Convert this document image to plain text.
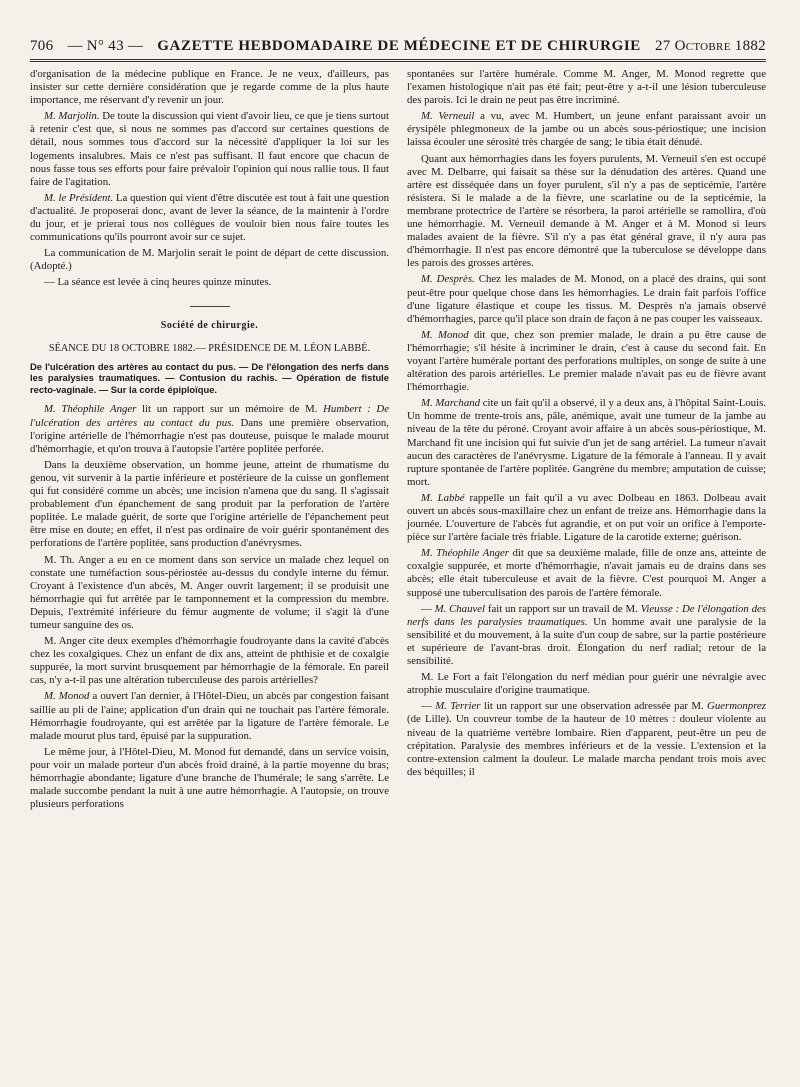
706 — N° 43 — GAZETTE HEBDOMADAIRE DE MÉDECINE ET DE CHIRURGIE 27 Octobre 1882

d'organisation de la médecine publique en France. Je ne veux, d'ailleurs, pas insister sur cette dernière considération que je regarde comme de la plus haute importance, me réservant d'y revenir un jour.

M. Marjolin. De toute la discussion qui vient d'avoir lieu, ce que je tiens surtout à retenir c'est que, si nous ne sommes pas d'accord sur certaines questions de détail, nous sommes tous d'accord sur la nécessité d'appliquer la loi sur les logements insalubres. Mais ce n'est pas suffisant. Il faut encore que chacun de nous fasse tous ses efforts pour faire prévaloir l'opinion qui nous rallie tous. Il faut faire de l'agitation.

M. le Président. La question qui vient d'être discutée est tout à fait une question d'actualité. Je proposerai donc, avant de lever la séance, de la maintenir à l'ordre du jour, et je prierai tous nos collègues de vouloir bien nous faire toutes les communications qu'ils pourront avoir sur ce sujet.

La communication de M. Marjolin serait le point de départ de cette discussion. (Adopté.)

— La séance est levée à cinq heures quinze minutes.

Société de chirurgie.
SÉANCE DU 18 OCTOBRE 1882.— PRÉSIDENCE DE M. LÉON LABBÉ.
De l'ulcération des artères au contact du pus. — De l'élongation des nerfs dans les paralysies traumatiques. — Contusion du rachis. — Opération de fistule recto-vaginale. — Sur la corde épiploïque.

M. Théophile Anger lit un rapport sur un mémoire de M. Humbert : De l'ulcération des artères au contact du pus. Dans une première observation, l'origine artérielle de l'hémorrhagie n'est pas douteuse, puisque le malade mourut d'hémorrhagie, et qu'on trouva à l'autopsie l'artère poplitée perforée.

Dans la deuxième observation, un homme jeune, atteint de rhumatisme du genou, vit survenir à la partie inférieure et postérieure de la cuisse un gonflement qui fut considéré comme un abcès; une incision n'amena que du sang. Il s'agissait probablement d'un épanchement de sang produit par la perforation de l'artère poplitée. Le malade guérit, de sorte que l'origine artérielle de l'épanchement peut être mise en doute; en effet, il n'est pas ordinaire de voir guérir spontanément des perforations de l'artère poplitée, sans production d'anévrysmes.

M. Th. Anger a eu en ce moment dans son service un malade chez lequel on constate une tuméfaction sous-périostée au-dessus du condyle interne du fémur. Croyant à l'existence d'un abcès, M. Anger ouvrit largement; il se produisit une hémorrhagie qui fut arrêtée par le tamponnement et la compression du membre. Depuis, l'extrémité inférieure du fémur augmente de volume; il s'agit là d'une tumeur sanguine des os.

M. Anger cite deux exemples d'hémorrhagie foudroyante dans la cavité d'abcès chez les coxalgiques. Chez un enfant de dix ans, atteint de phthisie et de coxalgie suppurée, la mort survint brusquement par hémorrhagie de la fémorale. En pareil cas, n'y a-t-il pas une altération tuberculeuse des parois artérielles?

M. Monod a ouvert l'an dernier, à l'Hôtel-Dieu, un abcès par congestion faisant saillie au pli de l'aine; application d'un drain qui ne touchait pas l'artère fémorale. Hémorrhagie foudroyante, qui est arrêtée par la ligature de l'artère fémorale. Le malade mourut plus tard, épuisé par la suppuration.

Le même jour, à l'Hôtel-Dieu, M. Monod fut demandé, dans un service voisin, pour voir un malade porteur d'un abcès froid drainé, à la partie moyenne du bras; hémorrhagie abondante; ligature d'une branche de l'humérale; le sang s'arrête. Le malade succombe pendant la nuit à une autre hémorrhagie. A l'autopsie, on trouve plusieurs perforations

spontanées sur l'artère humérale. Comme M. Anger, M. Monod regrette que l'examen histologique n'ait pas été fait; peut-être y a-t-il une lésion tuberculeuse des parois. Ici le drain ne peut pas être incriminé.

M. Verneuil a vu, avec M. Humbert, un jeune enfant paraissant avoir un érysipèle phlegmoneux de la jambe ou un abcès sous-périostique; une incision laissa écouler une sérosité très chargée de sang; le tibia était dénudé.

Quant aux hémorrhagies dans les foyers purulents, M. Verneuil s'en est occupé avec M. Delbarre, qui faisait sa thèse sur la dénudation des artères. Quand une artère est disséquée dans un foyer purulent, s'il n'y a pas de septicémie, l'artère résistera. Si le malade a de la fièvre, une scarlatine ou de la septicémie, la membrane protectrice de l'artère se résorbera, la paroi artérielle se ramollira, d'où une hémorrhagie. M. Verneuil demande à M. Anger et à M. Monod si leurs malades avaient de la fièvre. S'il n'y a pas état général grave, il n'y aura pas d'hémorrhagie. Il n'est pas encore démontré que la tuberculose se développe dans les parois des grosses artères.

M. Desprès. Chez les malades de M. Monod, on a placé des drains, qui sont peut-être pour quelque chose dans les hémorrhagies. Le drain fait parfois l'office d'une ligature élastique et coupe les tissus. M. Desprès n'a jamais observé d'hémorrhagies, parce qu'il place son drain de façon à ne pas couper les vaisseaux.

M. Monod dit que, chez son premier malade, le drain a pu être cause de l'hémorrhagie; s'il hésite à incriminer le drain, c'est à cause du second fait. En voyant l'artère humérale portant des perforations multiples, on songe de suite à une altération des parois artérielles. Le premier malade n'avait pas eu de fièvre avant l'hémorrhagie.

M. Marchand cite un fait qu'il a observé, il y a deux ans, à l'hôpital Saint-Louis. Un homme de trente-trois ans, pâle, anémique, avait une tumeur de la jambe au niveau de la tête du péroné. Croyant avoir affaire à un abcès sous-périostique, M. Marchand fit une incision qui fut suivie d'un jet de sang artériel. La tumeur n'avait aucun des caractères de l'anévrysme. Ligature de la fémorale à l'anneau. Il y avait rupture spontanée de l'artère poplitée. Gangrène du membre; amputation de cuisse; mort.

M. Labbé rappelle un fait qu'il a vu avec Dolbeau en 1863. Dolbeau avait ouvert un abcès sous-maxillaire chez un enfant de treize ans. Hémorrhagie dans la journée. L'ouverture de l'abcès fut agrandie, et on put voir un orifice à l'emporte-pièce sur l'artère faciale très friable. Ligature de la carotide externe; guérison.

M. Théophile Anger dit que sa deuxième malade, fille de onze ans, atteinte de coxalgie suppurée, et morte d'hémorrhagie, n'avait jamais eu de drains dans ses abcès; elle était tuberculeuse et avait de la fièvre. C'est pourquoi M. Anger a supposé une tuberculisation des parois de l'artère fémorale.

— M. Chauvel fait un rapport sur un travail de M. Vieusse : De l'élongation des nerfs dans les paralysies traumatiques. Un homme avait une paralysie de la sensibilité et du mouvement, à la suite d'un coup de sabre, sur la partie postérieure et supérieure de l'avant-bras droit. Élongation du nerf radial; retour de la sensibilité.

M. Le Fort a fait l'élongation du nerf médian pour guérir une névralgie avec atrophie musculaire d'origine traumatique.

— M. Terrier lit un rapport sur une observation adressée par M. Guermonprez (de Lille). Un couvreur tombe de la hauteur de 10 mètres : douleur violente au niveau de la quatrième vertèbre lombaire. Rien d'apparent, peut-être un peu de crépitation. Paralysie des membres inférieurs et de la vessie. L'extension et la contre-extension calment la douleur. Le malade marcha pendant trois mois avec des béquilles; il
